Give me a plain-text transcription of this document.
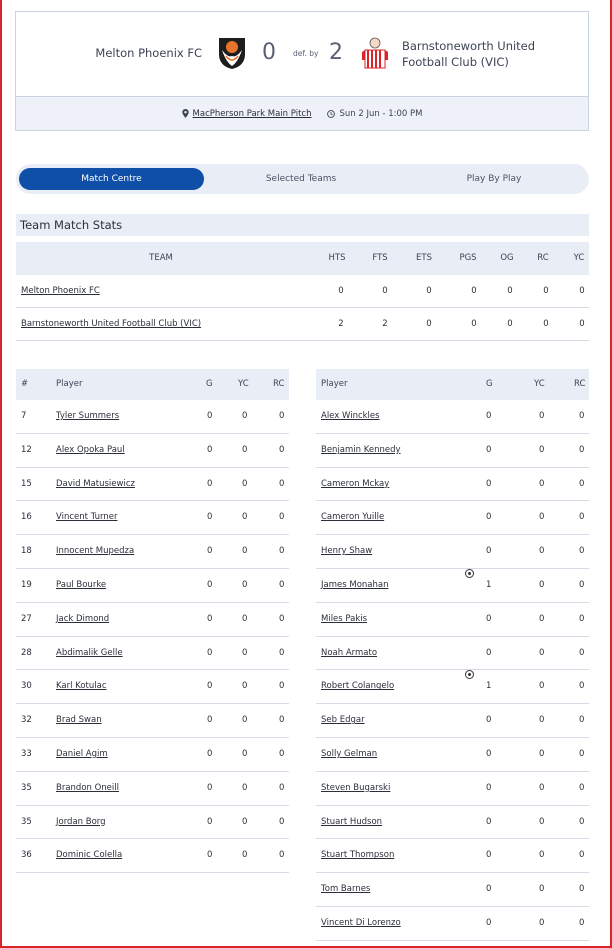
Melton Phoenix FC	0 def. by 2	Barnstoneworth United Football Club (VIC)
MacPherson Park Main Pitch	Sun 2 Jun - 1:00 PM
Match Centre	Selected Teams	Play By Play
Team Match Stats
TEAM	HTS	FTS	ETS	PGS	OG	RC	YC
Melton Phoenix FC	0	0	0	0	0	0	0
Barnstoneworth United Football Club (VIC)	2	2	0	0	0	0	0
#	Player	G	YC	RC
7	Tyler Summers	0	0	0
12	Alex Opoka Paul	0	0	0
15	David Matusiewicz	0	0	0
16	Vincent Turner	0	0	0
18	Innocent Mupedza	0	0	0
19	Paul Bourke	0	0	0
27	Jack Dimond	0	0	0
28	Abdimalik Gelle	0	0	0
30	Karl Kotulac	0	0	0
32	Brad Swan	0	0	0
33	Daniel Agim	0	0	0
35	Brandon Oneill	0	0	0
35	Jordan Borg	0	0	0
36	Dominic Colella	0	0	0
Player	G	YC	RC
Alex Winckles	0	0	0
Benjamin Kennedy	0	0	0
Cameron Mckay	0	0	0
Cameron Yuille	0	0	0
Henry Shaw	0	0	0
James Monahan	1	0	0
Miles Pakis	0	0	0
Noah Armato	0	0	0
Robert Colangelo	1	0	0
Seb Edgar	0	0	0
Solly Gelman	0	0	0
Steven Bugarski	0	0	0
Stuart Hudson	0	0	0
Stuart Thompson	0	0	0
Tom Barnes	0	0	0
Vincent Di Lorenzo	0	0	0
